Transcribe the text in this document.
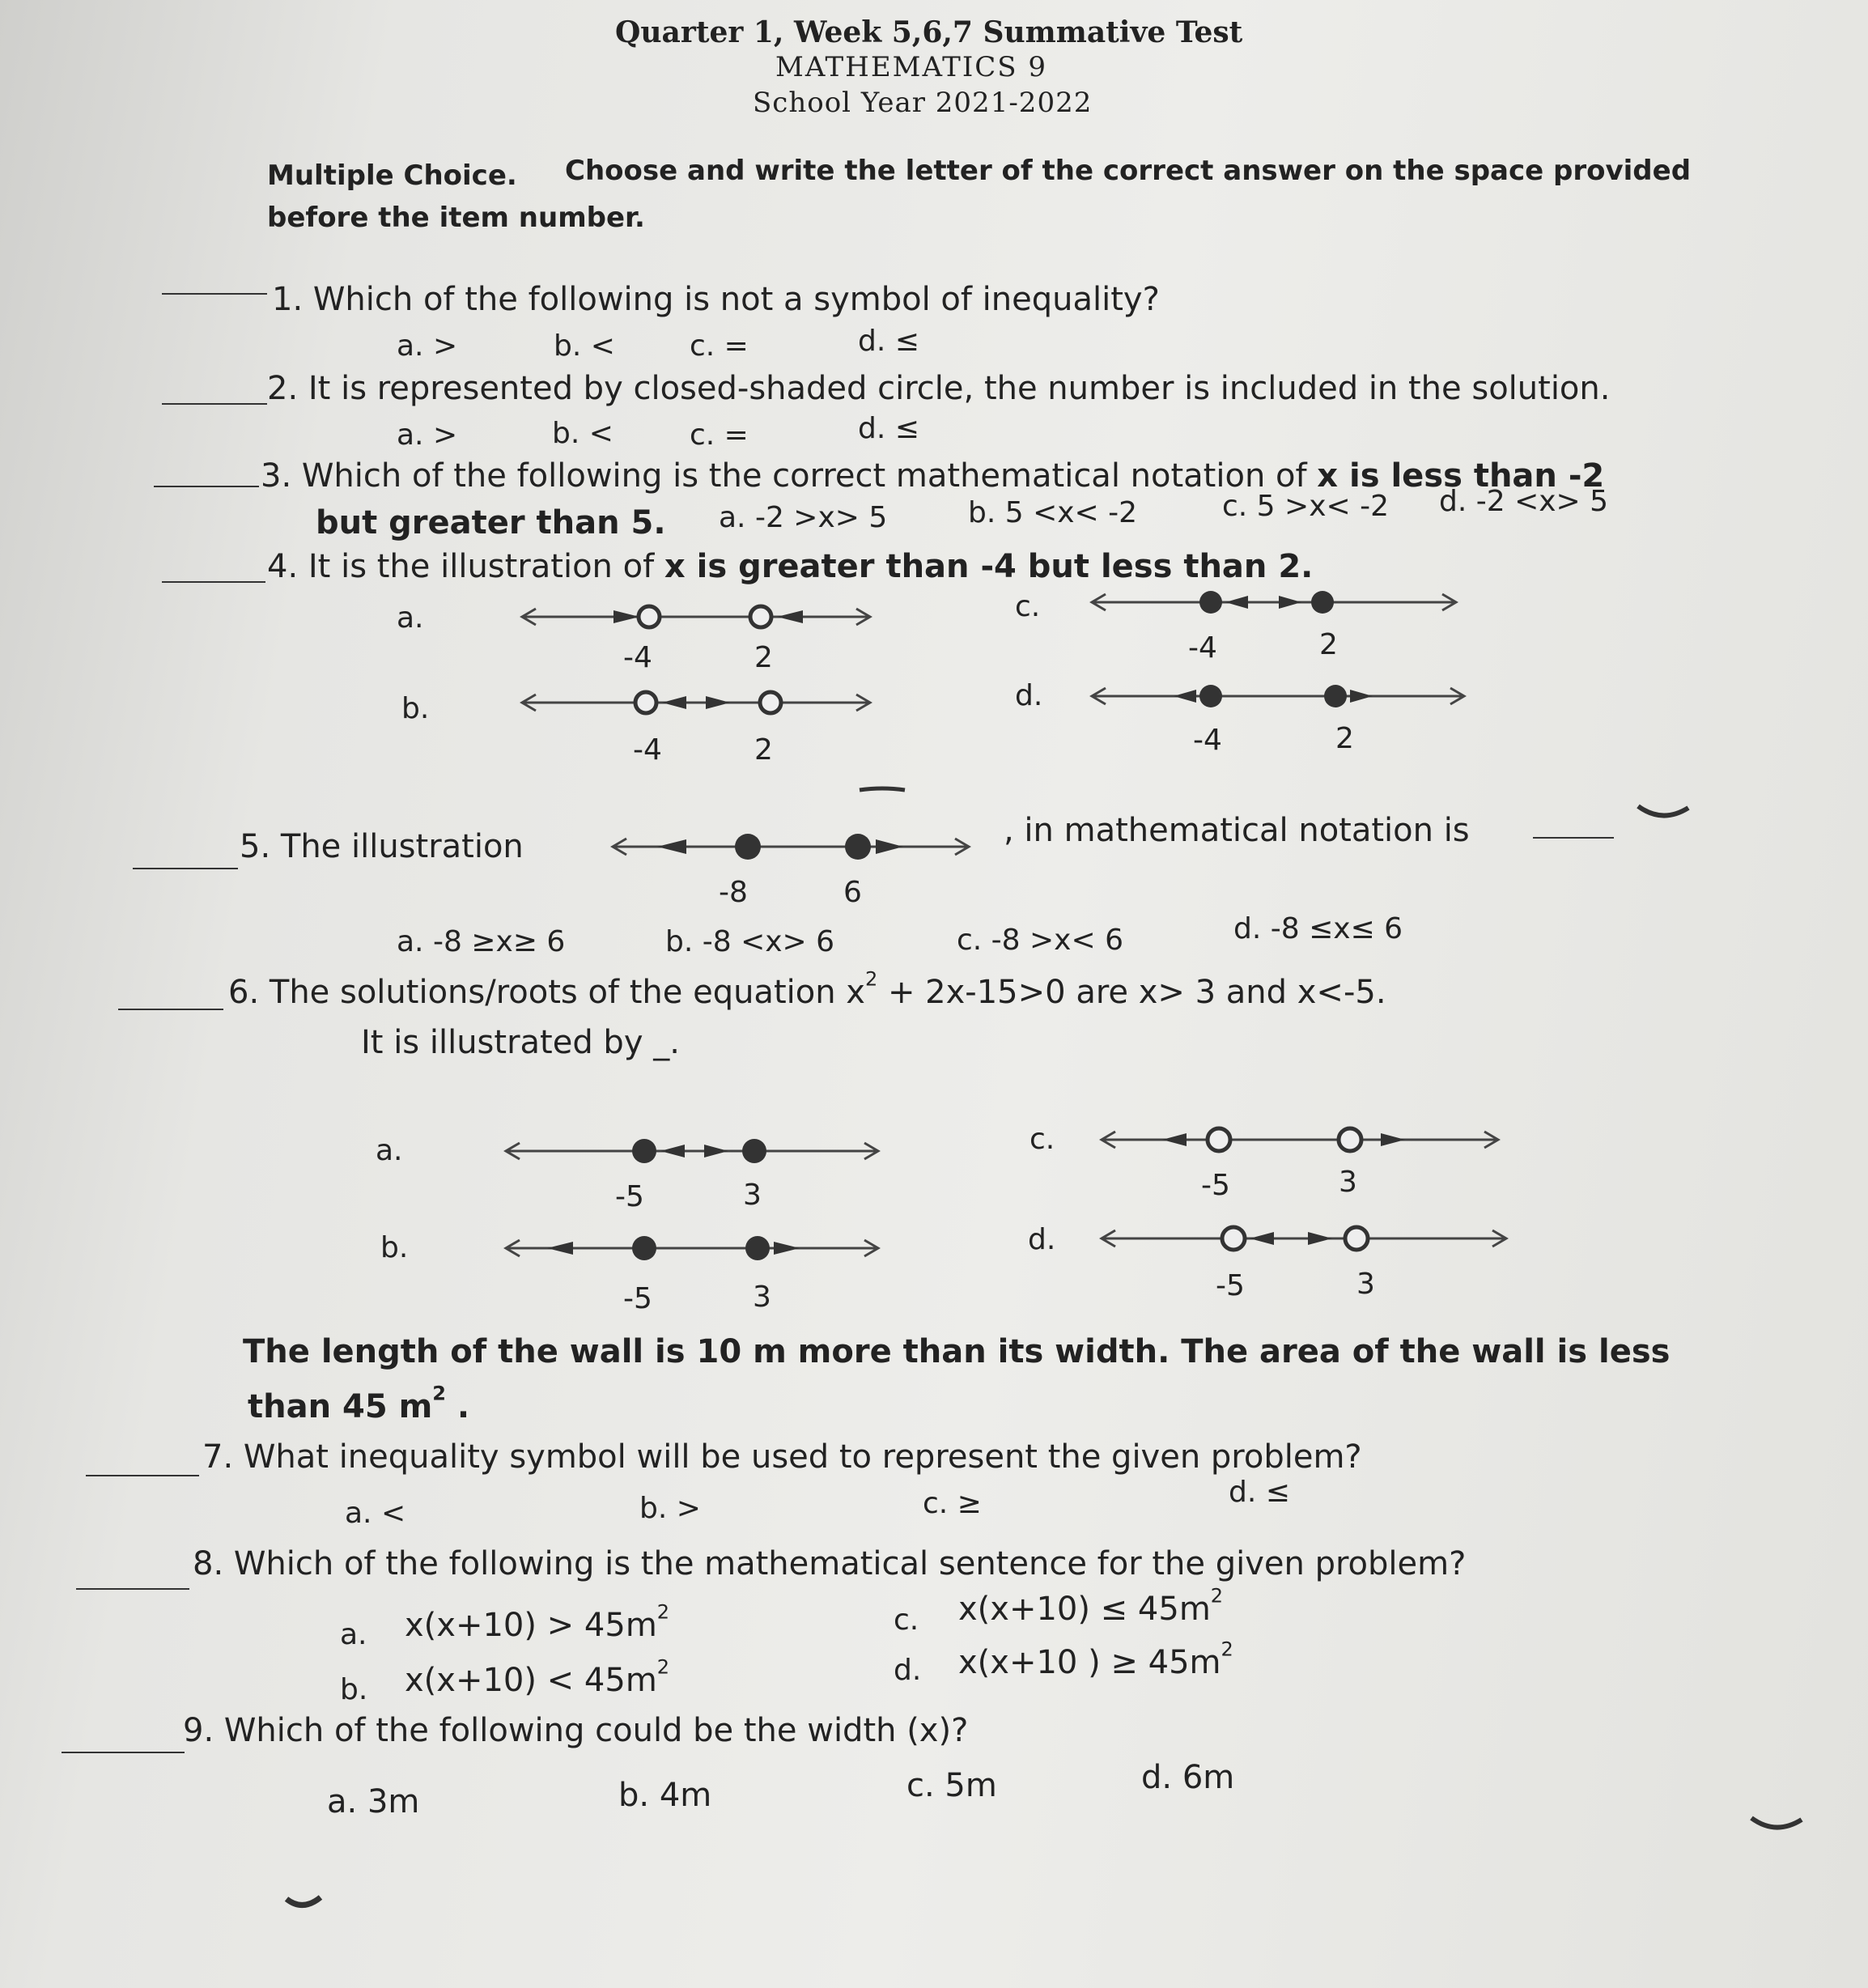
Quarter 1, Week 5,6,7 Summative Test
MATHEMATICS 9
School Year 2021-2022
Multiple Choice. Choose and write the letter of the correct answer on the space provided
before the item number.
1. Which of the following is not a symbol of inequality?
a. >	b. <	c. =	d. ≤
2. It is represented by closed-shaded circle, the number is included in the solution.
a. >	b. <	c. =	d. ≤
3. Which of the following is the correct mathematical notation of x is less than -2
but greater than 5. a. -2 >x> 5	b. 5 <x< -2	c. 5 >x< -2 d. -2 <x> 5
4. It is the illustration of x is greater than -4 but less than 2.
a.
b.
c.
d.
-4	2
-4	2
-4	2
-4	2
5. The illustration
-8	6
, in mathematical notation is
a. -8 ≥x≥ 6	b. -8 <x> 6	c. -8 >x< 6	d. -8 ≤x≤ 6
6. The solutions/roots of the equation $x^2 + 2x-15>0$ are x> 3 and x<-5.
It is illustrated by _.
a.
b.
c.
d.
-5	3
-5	3
-5	3
-5	3
The length of the wall is 10 m more than its width. The area of the wall is less
than 45 $m^2$ .
7. What inequality symbol will be used to represent the given problem?
a. <	b. >	c. ≥	d. ≤
8. Which of the following is the mathematical sentence for the given problem?
a. $x(x+10) > 45m^2$
b. $x(x+10) < 45m^2$
c. $x(x+10) \le 45m^2$
d. x(x+10 ) ≥ $45m^2$
9. Which of the following could be the width (x)?
a. 3m	b. 4m	c. 5m	d. 6m
